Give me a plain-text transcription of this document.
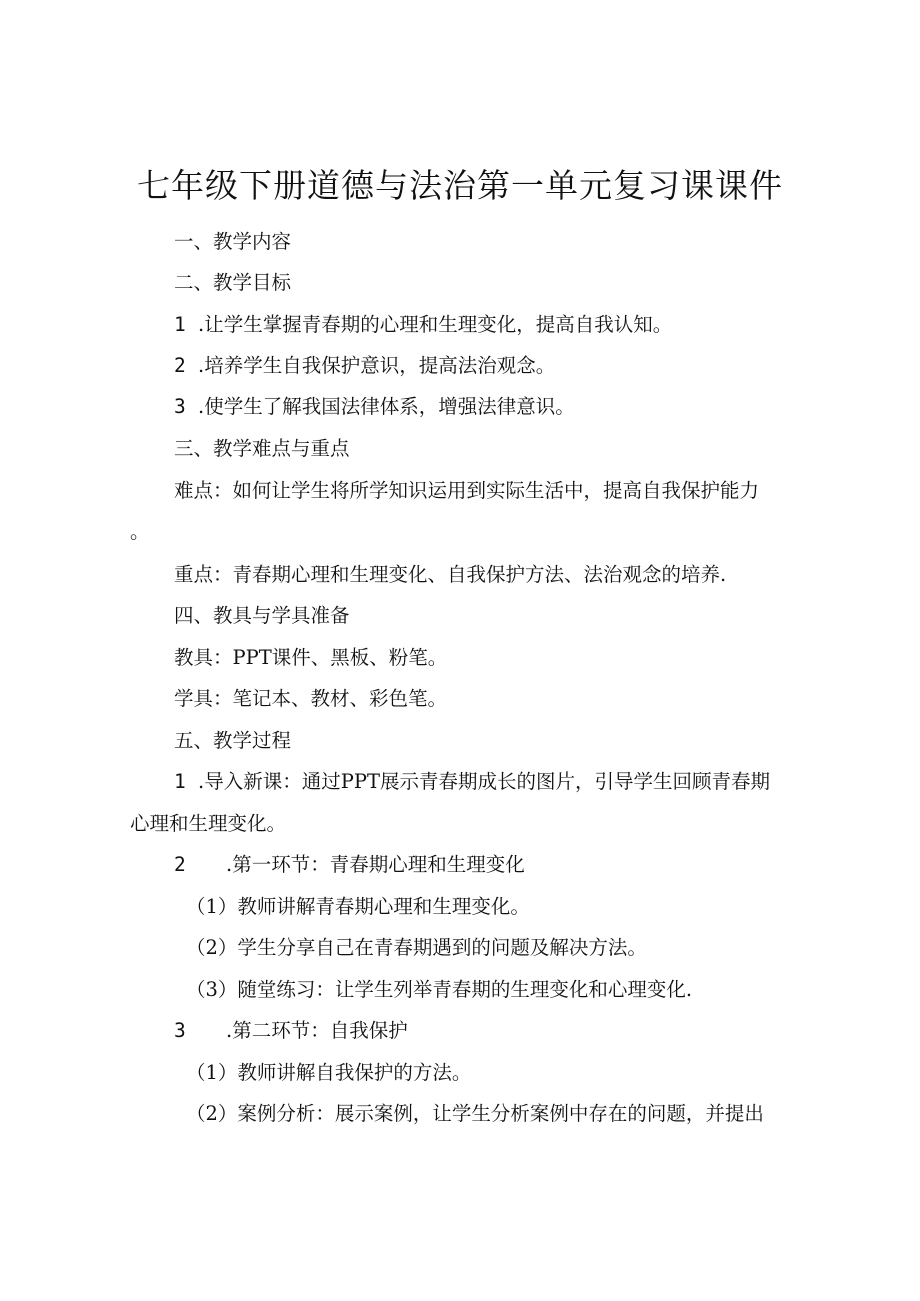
七年级下册道德与法治第一单元复习课课件
一、教学内容
二、教学目标
1 .让学生掌握青春期的心理和生理变化，提高自我认知。
2 .培养学生自我保护意识，提高法治观念。
3 .使学生了解我国法律体系，增强法律意识。
三、教学难点与重点
难点：如何让学生将所学知识运用到实际生活中，提高自我保护能力
。
重点：青春期心理和生理变化、自我保护方法、法治观念的培养.
四、教具与学具准备
教具：PPT课件、黑板、粉笔。
学具：笔记本、教材、彩色笔。
五、教学过程
1 .导入新课：通过PPT展示青春期成长的图片，引导学生回顾青春期
心理和生理变化。
2 .第一环节：青春期心理和生理变化
（1）教师讲解青春期心理和生理变化。
（2）学生分享自己在青春期遇到的问题及解决方法。
（3）随堂练习：让学生列举青春期的生理变化和心理变化.
3 .第二环节：自我保护
（1）教师讲解自我保护的方法。
（2）案例分析：展示案例，让学生分析案例中存在的问题，并提出
